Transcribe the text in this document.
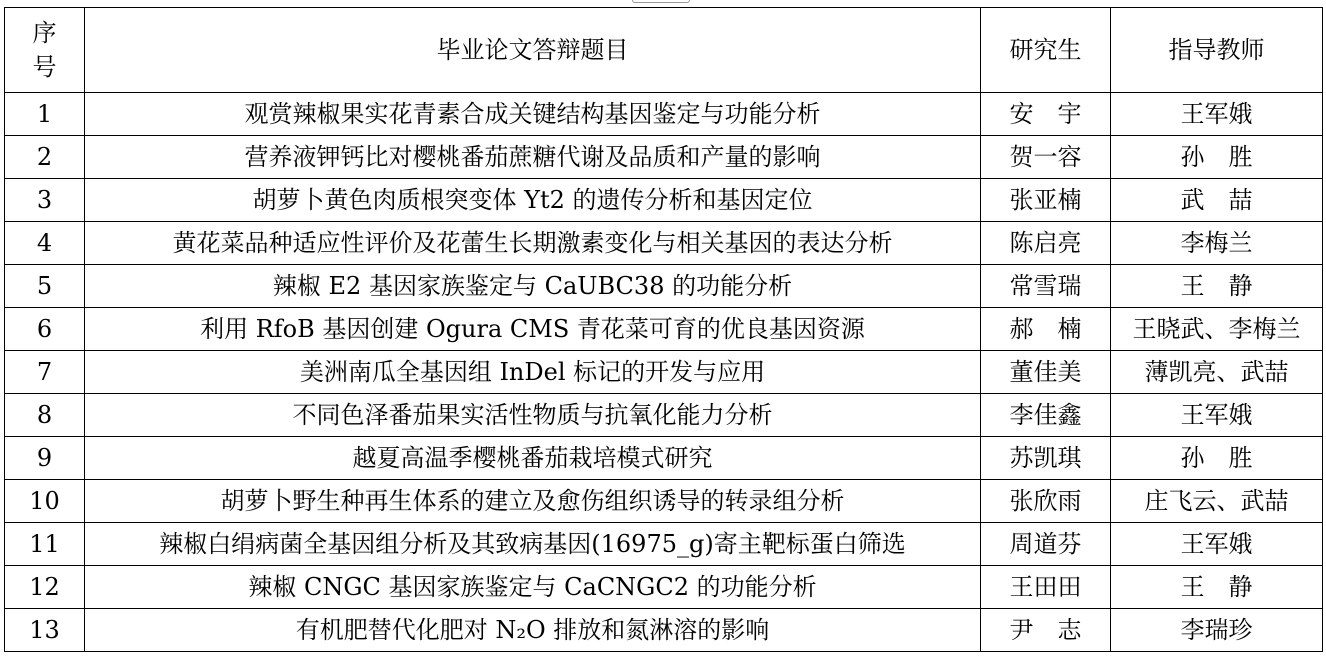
序号	毕业论文答辩题目	研究生	指导教师
1	观赏辣椒果实花青素合成关键结构基因鉴定与功能分析	安　宇	王军娥
2	营养液钾钙比对樱桃番茄蔗糖代谢及品质和产量的影响	贺一容	孙　胜
3	胡萝卜黄色肉质根突变体 Yt2 的遗传分析和基因定位	张亚楠	武　喆
4	黄花菜品种适应性评价及花蕾生长期激素变化与相关基因的表达分析	陈启亮	李梅兰
5	辣椒 E2 基因家族鉴定与 CaUBC38 的功能分析	常雪瑞	王　静
6	利用 RfoB 基因创建 Ogura CMS 青花菜可育的优良基因资源	郝　楠	王晓武、李梅兰
7	美洲南瓜全基因组 InDel 标记的开发与应用	董佳美	薄凯亮、武喆
8	不同色泽番茄果实活性物质与抗氧化能力分析	李佳鑫	王军娥
9	越夏高温季樱桃番茄栽培模式研究	苏凯琪	孙　胜
10	胡萝卜野生种再生体系的建立及愈伤组织诱导的转录组分析	张欣雨	庄飞云、武喆
11	辣椒白绢病菌全基因组分析及其致病基因(16975_g)寄主靶标蛋白筛选	周道芬	王军娥
12	辣椒 CNGC 基因家族鉴定与 CaCNGC2 的功能分析	王田田	王　静
13	有机肥替代化肥对 N₂O 排放和氮淋溶的影响	尹　志	李瑞珍
